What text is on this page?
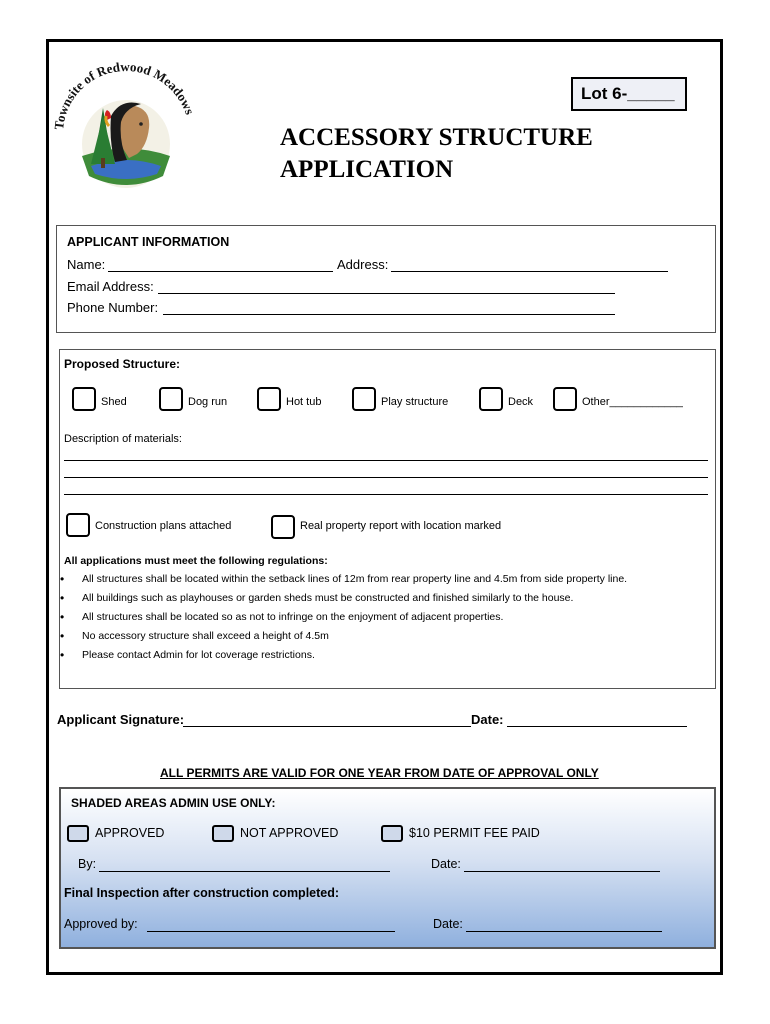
Townsite of Redwood Meadows
Lot 6-_____
ACCESSORY STRUCTURE
APPLICATION
APPLICANT INFORMATION
Name:	Address:
Email Address:
Phone Number:
Proposed Structure:
Shed	Dog run	Hot tub	Play structure	Deck	Other____________
Description of materials:
Construction plans attached	Real property report with location marked
All applications must meet the following regulations:
• All structures shall be located within the setback lines of 12m from rear property line and 4.5m from side property line.
• All buildings such as playhouses or garden sheds must be constructed and finished similarly to the house.
• All structures shall be located so as not to infringe on the enjoyment of adjacent properties.
• No accessory structure shall exceed a height of 4.5m
• Please contact Admin for lot coverage restrictions.
Applicant Signature:	Date:
ALL PERMITS ARE VALID FOR ONE YEAR FROM DATE OF APPROVAL ONLY
SHADED AREAS ADMIN USE ONLY:
APPROVED	NOT APPROVED	$10 PERMIT FEE PAID
By:	Date:
Final Inspection after construction completed:
Approved by:	Date:
